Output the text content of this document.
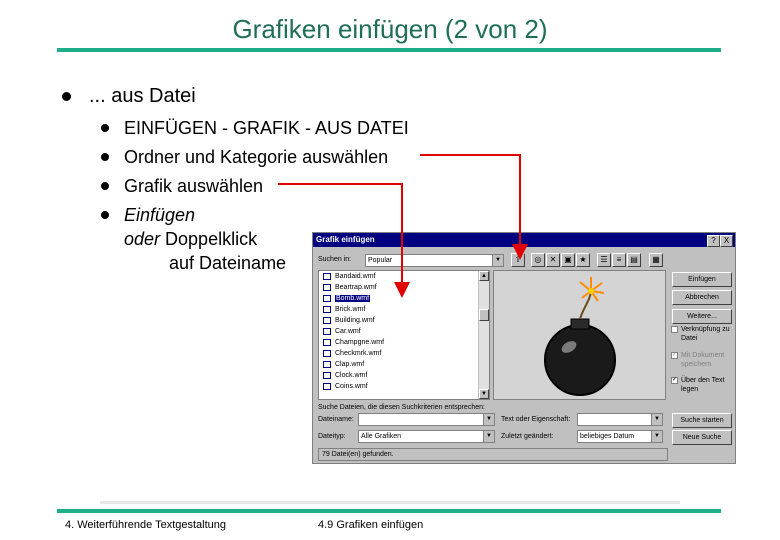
Grafiken einfügen (2 von 2)
... aus Datei
EINFÜGEN - GRAFIK - AUS DATEI
Ordner und Kategorie auswählen
Grafik auswählen
Einfügen
oder Doppelklick
auf Dateiname
Grafik einfügen	?	X
Suchen in:	Popular	▼	⇧	◎	✕ ▣ ★	☰	≡	▤	▦
Bandaid.wmf
Beartrap.wmf
Bomb.wmf
Brick.wmf
Building.wmf
Car.wmf
Champgne.wmf
Checkmrk.wmf
Clap.wmf
Clock.wmf
Coins.wmf
▲
▼
Einfügen
Abbrechen
Weitere...
Verknüpfung zu Datei
✓ Mit Dokument speichern
✓ Über den Text legen
Suche Dateien, die diesen Suchkriterien entsprechen:
Dateiname:	▼
Dateityp:	Alle Grafiken	▼
Text oder Eigenschaft:	▼
Zuletzt geändert:	beliebiges Datum	▼
Suche starten
Neue Suche
79 Datei(en) gefunden.
4. Weiterführende Textgestaltung	4.9 Grafiken einfügen
